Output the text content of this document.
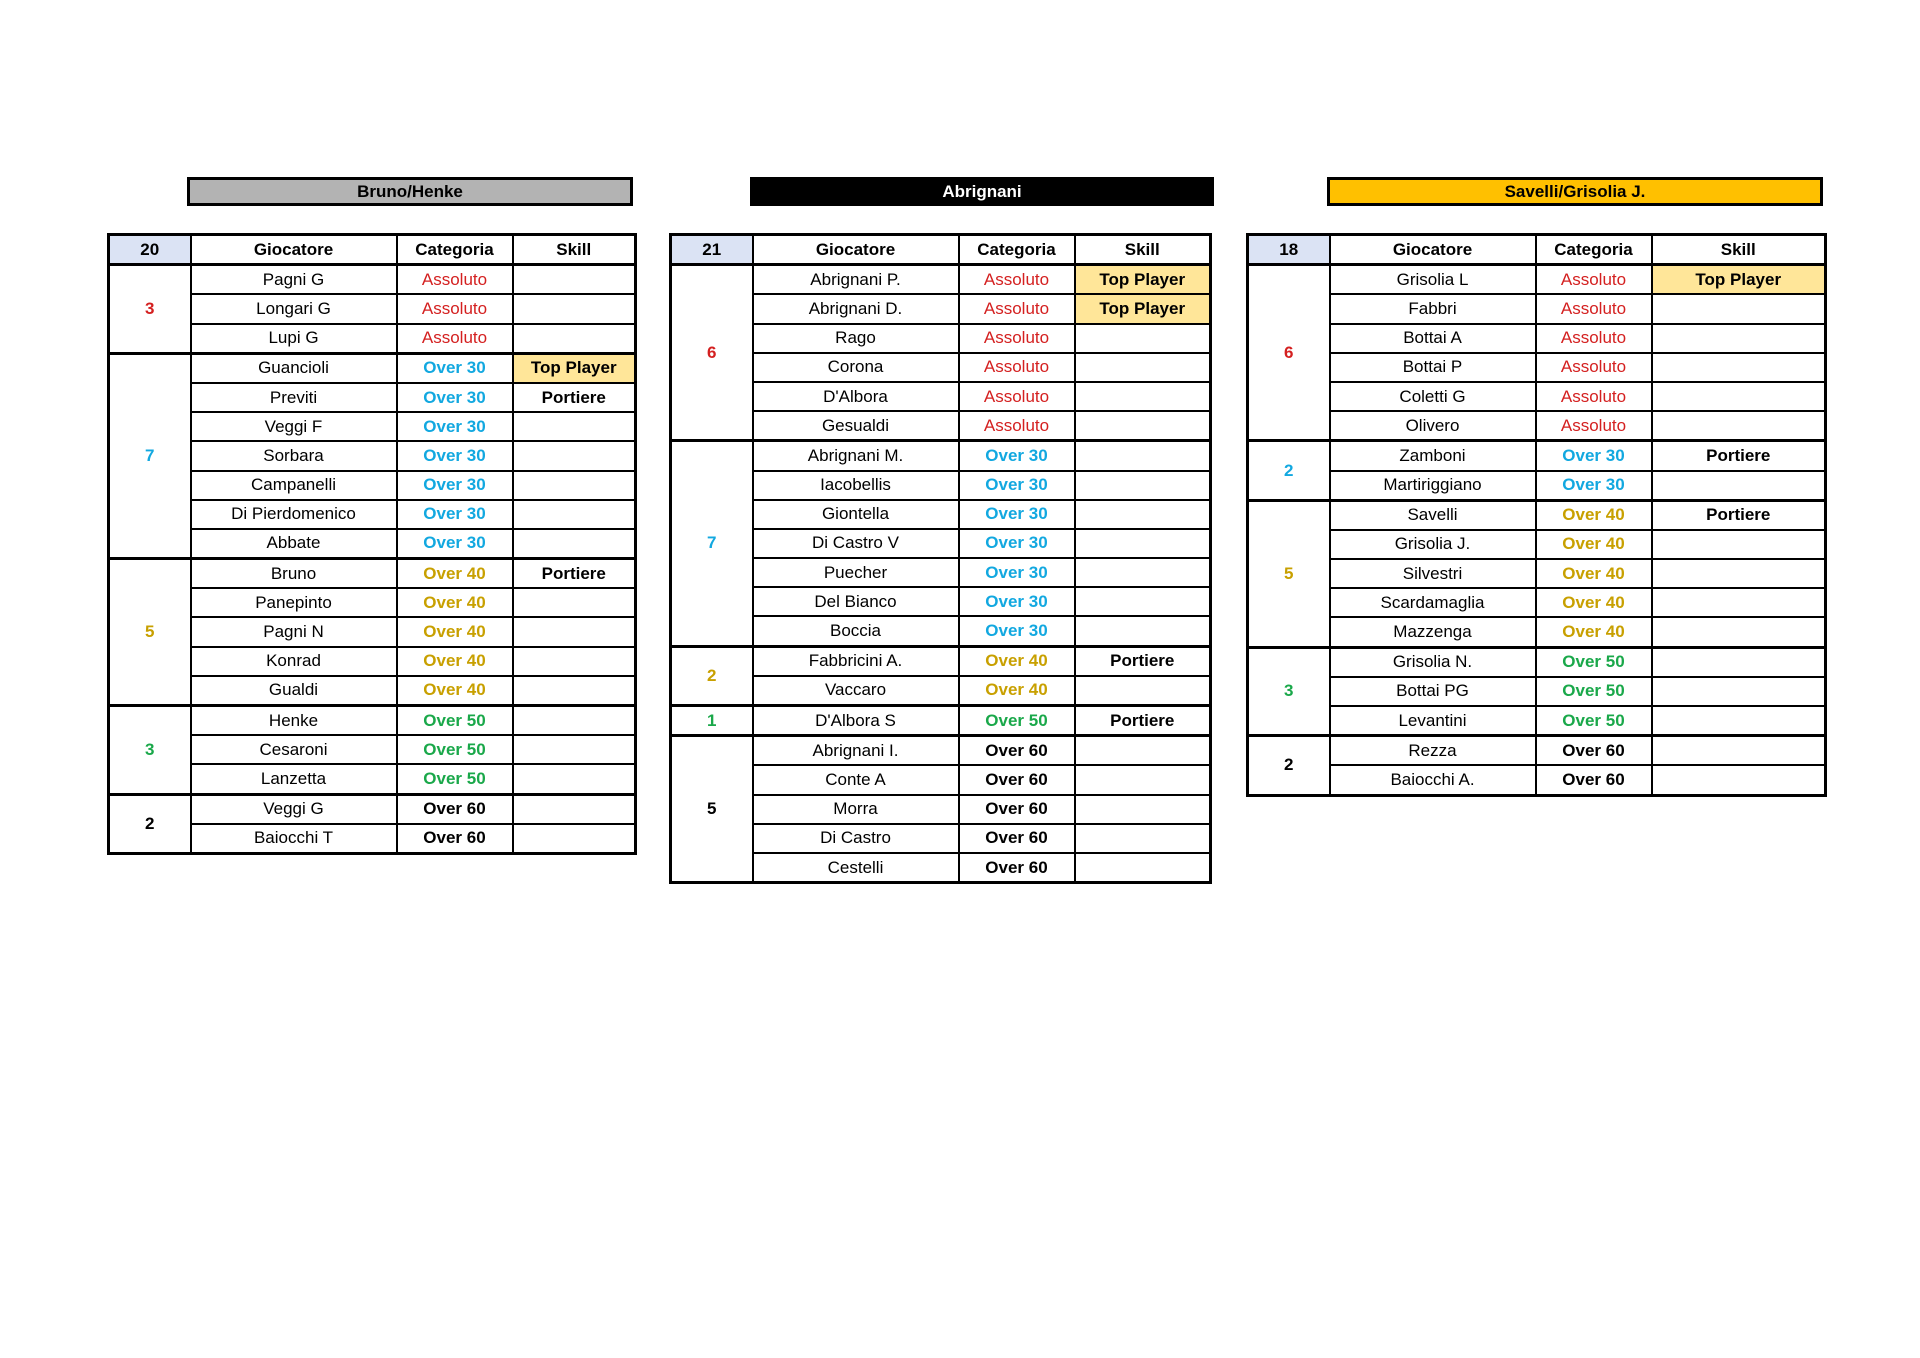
Bruno/Henke
20	Giocatore	Categoria	Skill
3	Pagni G	Assoluto	
	Longari G	Assoluto	
	Lupi G	Assoluto	
7	Guancioli	Over 30	Top Player
	Previti	Over 30	Portiere
	Veggi F	Over 30	
	Sorbara	Over 30	
	Campanelli	Over 30	
	Di Pierdomenico	Over 30	
	Abbate	Over 30	
5	Bruno	Over 40	Portiere
	Panepinto	Over 40	
	Pagni N	Over 40	
	Konrad	Over 40	
	Gualdi	Over 40	
3	Henke	Over 50	
	Cesaroni	Over 50	
	Lanzetta	Over 50	
2	Veggi G	Over 60	
	Baiocchi T	Over 60	
Abrignani
21	Giocatore	Categoria	Skill
6	Abrignani P.	Assoluto	Top Player
	Abrignani D.	Assoluto	Top Player
	Rago	Assoluto	
	Corona	Assoluto	
	D'Albora	Assoluto	
	Gesualdi	Assoluto	
7	Abrignani M.	Over 30	
	Iacobellis	Over 30	
	Giontella	Over 30	
	Di Castro V	Over 30	
	Puecher	Over 30	
	Del Bianco	Over 30	
	Boccia	Over 30	
2	Fabbricini A.	Over 40	Portiere
	Vaccaro	Over 40	
1	D'Albora S	Over 50	Portiere
5	Abrignani I.	Over 60	
	Conte A	Over 60	
	Morra	Over 60	
	Di Castro	Over 60	
	Cestelli	Over 60	
Savelli/Grisolia J.
18	Giocatore	Categoria	Skill
6	Grisolia L	Assoluto	Top Player
	Fabbri	Assoluto	
	Bottai A	Assoluto	
	Bottai P	Assoluto	
	Coletti G	Assoluto	
	Olivero	Assoluto	
2	Zamboni	Over 30	Portiere
	Martiriggiano	Over 30	
5	Savelli	Over 40	Portiere
	Grisolia J.	Over 40	
	Silvestri	Over 40	
	Scardamaglia	Over 40	
	Mazzenga	Over 40	
3	Grisolia N.	Over 50	
	Bottai PG	Over 50	
	Levantini	Over 50	
2	Rezza	Over 60	
	Baiocchi A.	Over 60	
